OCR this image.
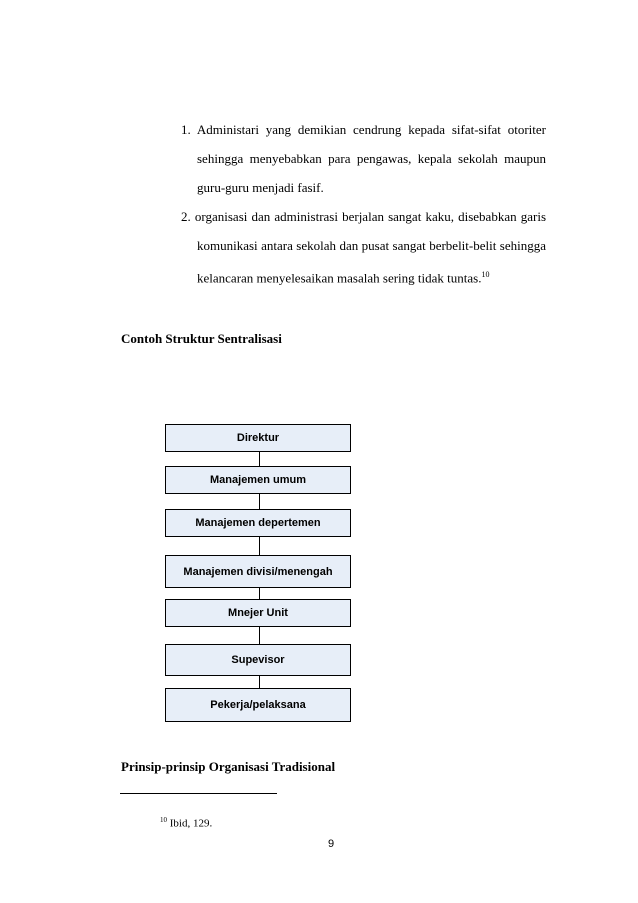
1. Administari yang demikian cendrung kepada sifat-sifat otoriter
sehingga menyebabkan para pengawas, kepala sekolah maupun
guru-guru menjadi fasif.
2. organisasi dan administrasi berjalan sangat kaku, disebabkan garis
komunikasi antara sekolah dan pusat sangat berbelit-belit sehingga
kelancaran menyelesaikan masalah sering tidak tuntas.$^{10}$
Contoh Struktur Sentralisasi
Direktur
Manajemen umum
Manajemen depertemen
Manajemen divisi/menengah
Mnejer Unit
Supevisor
Pekerja/pelaksana
Prinsip-prinsip Organisasi Tradisional
$^{10}$ Ibid, 129.
9
